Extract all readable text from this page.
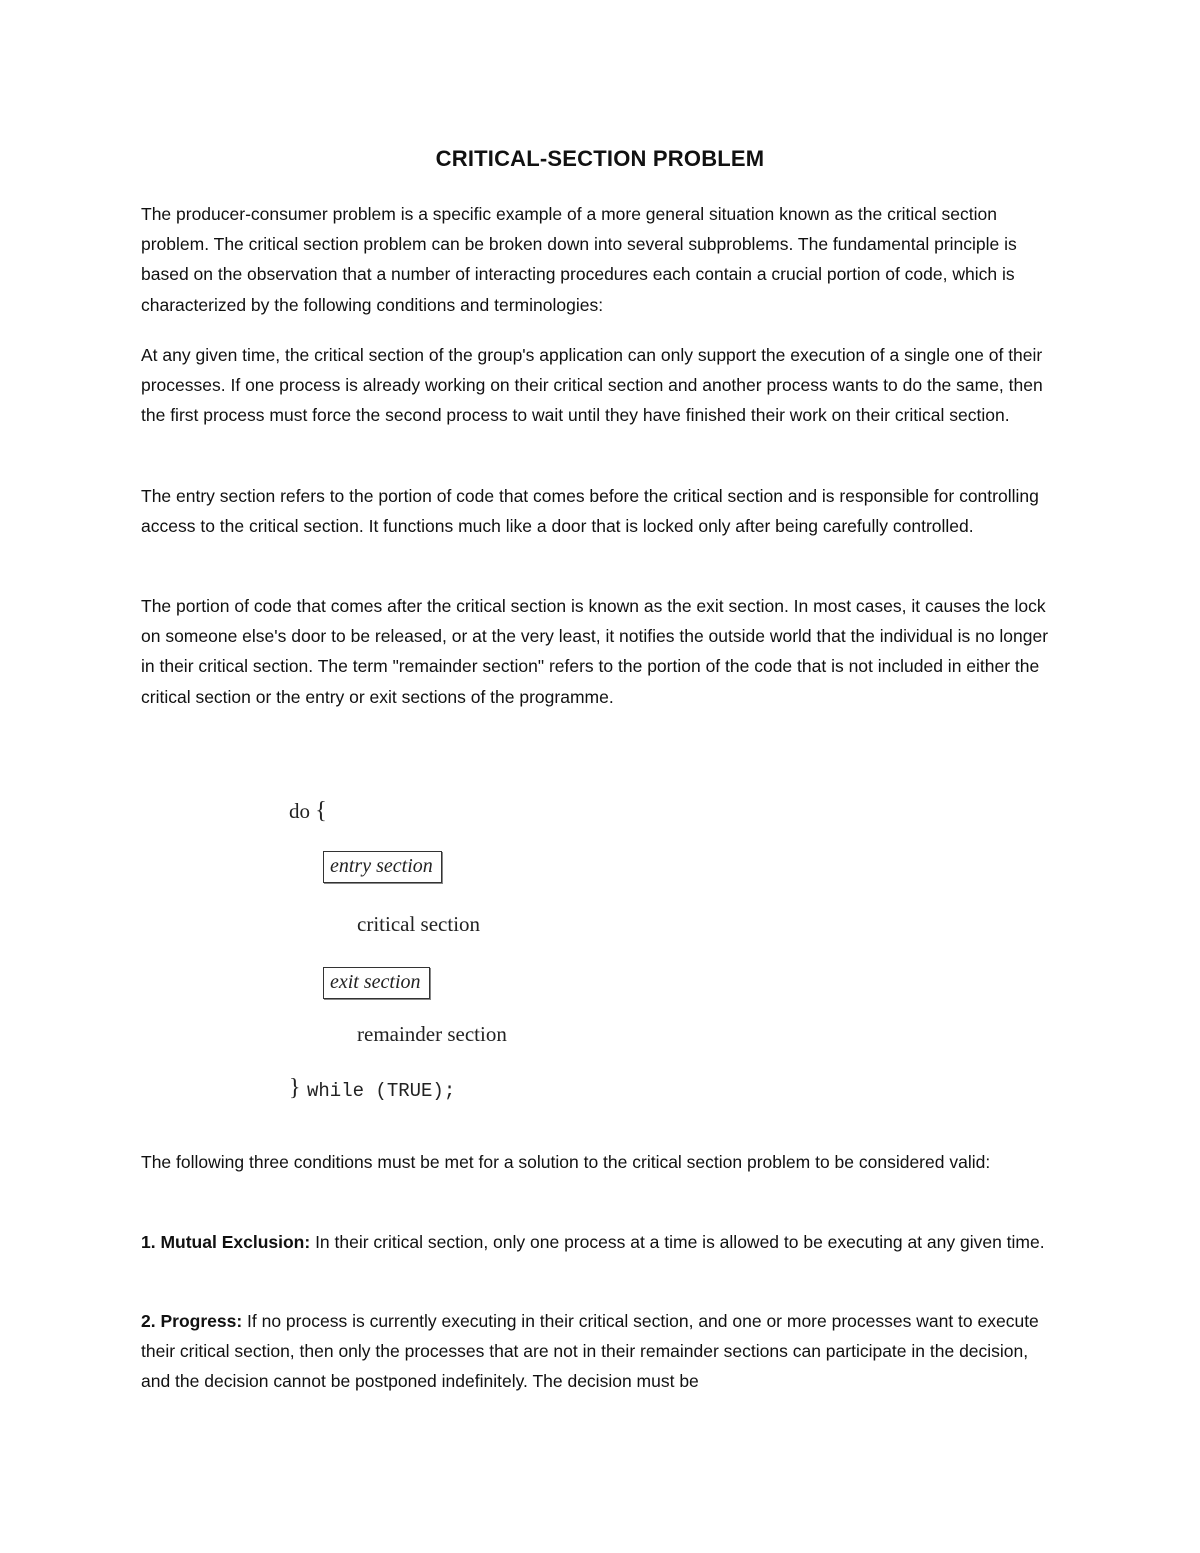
CRITICAL-SECTION PROBLEM

The producer-consumer problem is a specific example of a more general situation known as the critical section problem. The critical section problem can be broken down into several subproblems. The fundamental principle is based on the observation that a number of interacting procedures each contain a crucial portion of code, which is characterized by the following conditions and terminologies:

At any given time, the critical section of the group's application can only support the execution of a single one of their processes. If one process is already working on their critical section and another process wants to do the same, then the first process must force the second process to wait until they have finished their work on their critical section.

The entry section refers to the portion of code that comes before the critical section and is responsible for controlling access to the critical section. It functions much like a door that is locked only after being carefully controlled.

The portion of code that comes after the critical section is known as the exit section. In most cases, it causes the lock on someone else's door to be released, or at the very least, it notifies the outside world that the individual is no longer in their critical section. The term "remainder section" refers to the portion of the code that is not included in either the critical section or the entry or exit sections of the programme.

do {
entry section
critical section
exit section
remainder section
} while (TRUE);

The following three conditions must be met for a solution to the critical section problem to be considered valid:

1. Mutual Exclusion: In their critical section, only one process at a time is allowed to be executing at any given time.

2. Progress: If no process is currently executing in their critical section, and one or more processes want to execute their critical section, then only the processes that are not in their remainder sections can participate in the decision, and the decision cannot be postponed indefinitely. The decision must be
